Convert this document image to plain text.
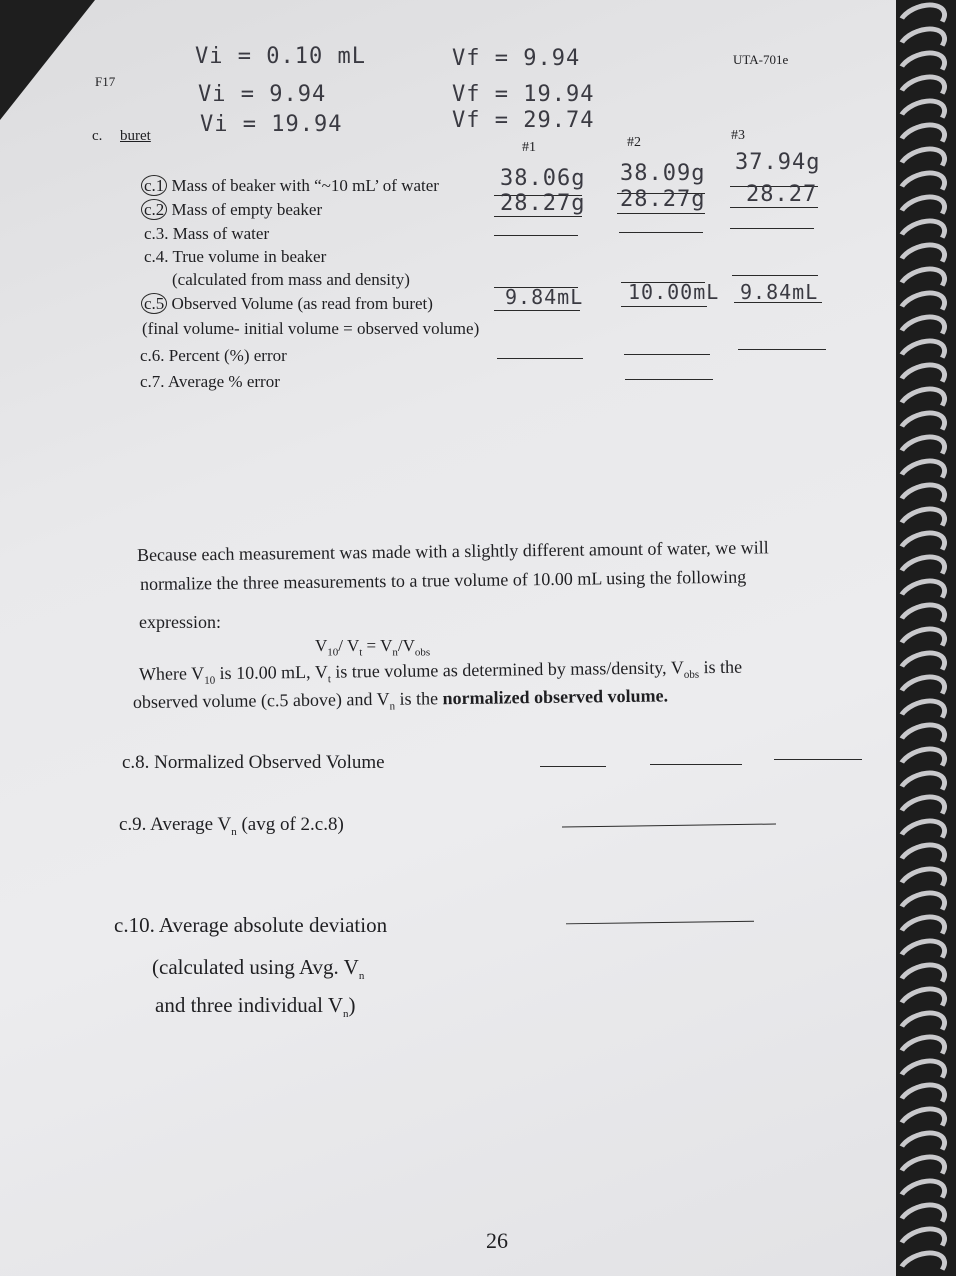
F17
UTA-701e
c. buret
Vi = 0.10 mL
Vi = 9.94
Vi = 19.94
Vf = 9.94
Vf = 19.94
Vf = 29.74
#1	#2	#3
c.1 Mass of beaker with “~10 mL’ of water
c.2 Mass of empty beaker
c.3. Mass of water
c.4. True volume in beaker
(calculated from mass and density)
c.5 Observed Volume (as read from buret)
(final volume- initial volume = observed volume)
c.6. Percent (%) error
c.7. Average % error
38.06g 38.09g 37.94g
28.27g 28.27g 28.27
9.84mL 10.00mL 9.84mL
Because each measurement was made with a slightly different amount of water, we will
normalize the three measurements to a true volume of 10.00 mL using the following
expression:
$V_{10}/$ $V_t = V_n/V_{obs}$
Where $V_{10}$ is 10.00 mL, $V_t$ is true volume as determined by mass/density, $V_{obs}$ is the
observed volume (c.5 above) and $V_n$ is the normalized observed volume.
c.8. Normalized Observed Volume
c.9. Average $V_n$ (avg of 2.c.8)
c.10. Average absolute deviation
(calculated using Avg. $V_n$
and three individual $V_n$)
26
